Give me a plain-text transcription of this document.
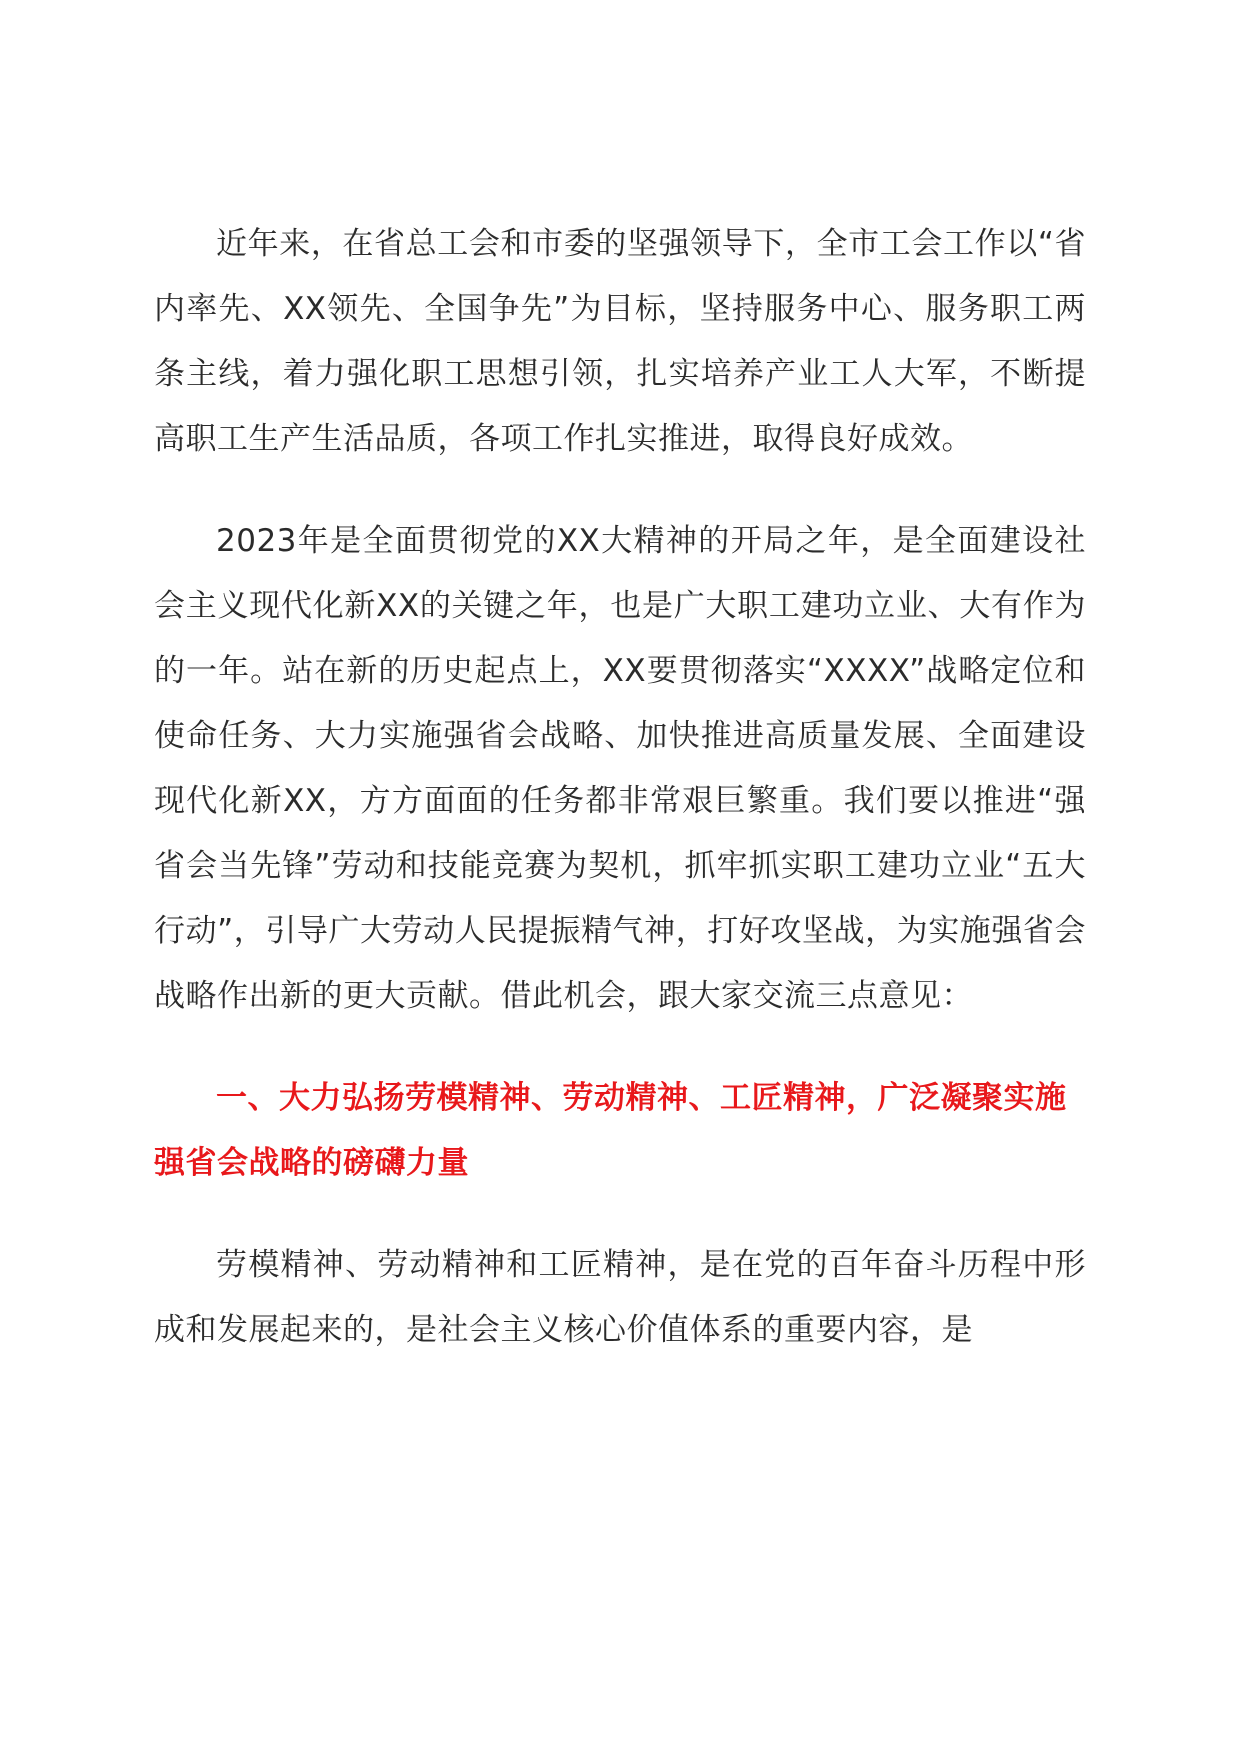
近年来，在省总工会和市委的坚强领导下，全市工会工作以“省内率先、XX领先、全国争先”为目标，坚持服务中心、服务职工两条主线，着力强化职工思想引领，扎实培养产业工人大军，不断提高职工生产生活品质，各项工作扎实推进，取得良好成效。

2023年是全面贯彻党的XX大精神的开局之年，是全面建设社会主义现代化新XX的关键之年，也是广大职工建功立业、大有作为的一年。站在新的历史起点上，XX要贯彻落实“XXXX”战略定位和使命任务、大力实施强省会战略、加快推进高质量发展、全面建设现代化新XX，方方面面的任务都非常艰巨繁重。我们要以推进“强省会当先锋”劳动和技能竞赛为契机，抓牢抓实职工建功立业“五大行动”，引导广大劳动人民提振精气神，打好攻坚战，为实施强省会战略作出新的更大贡献。借此机会，跟大家交流三点意见：

一、大力弘扬劳模精神、劳动精神、工匠精神，广泛凝聚实施强省会战略的磅礴力量

劳模精神、劳动精神和工匠精神，是在党的百年奋斗历程中形成和发展起来的，是社会主义核心价值体系的重要内容，是
